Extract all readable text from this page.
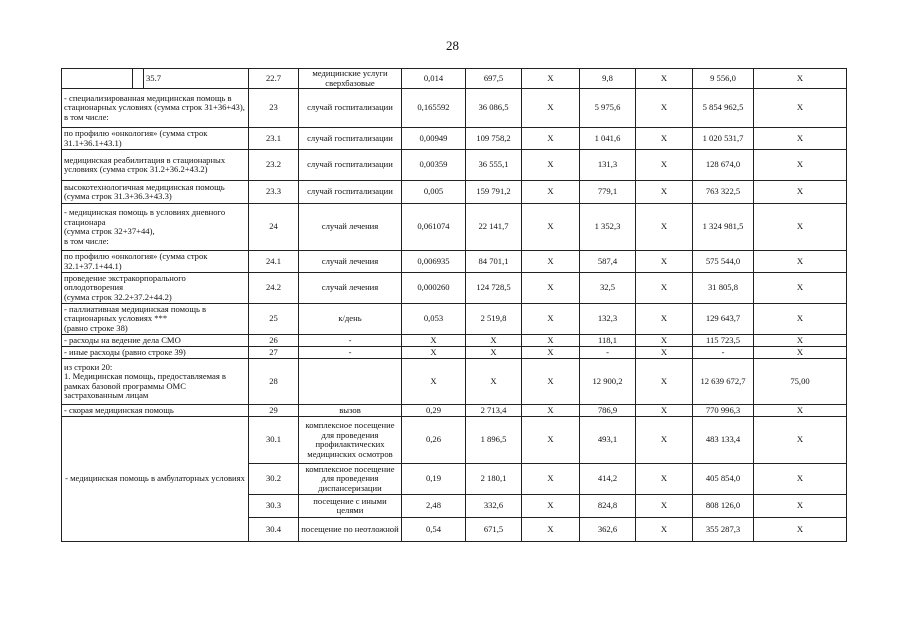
28
		35.7	22.7	медицинские услуги сверхбазовые	0,014	697,5	X	9,8	X	9 556,0	X
- специализированная медицинская помощь в стационарных условиях (сумма строк 31+36+43),
в том числе:			23	случай госпитализации	0,165592	36 086,5	X	5 975,6	X	5 854 962,5	X
по профилю «онкология» (сумма строк 31.1+36.1+43.1)			23.1	случай госпитализации	0,00949	109 758,2	X	1 041,6	X	1 020 531,7	X
медицинская реабилитация в стационарных условиях (сумма строк 31.2+36.2+43.2)			23.2	случай госпитализации	0,00359	36 555,1	X	131,3	X	128 674,0	X
высокотехнологичная медицинская помощь (сумма строк 31.3+36.3+43.3)			23.3	случай госпитализации	0,005	159 791,2	X	779,1	X	763 322,5	X
- медицинская помощь в условиях дневного стационара
(сумма строк 32+37+44),
в том числе:			24	случай лечения	0,061074	22 141,7	X	1 352,3	X	1 324 981,5	X
по профилю «онкология» (сумма строк 32.1+37.1+44.1)			24.1	случай лечения	0,006935	84 701,1	X	587,4	X	575 544,0	X
проведение экстракорпорального оплодотворения
(сумма строк 32.2+37.2+44.2)			24.2	случай лечения	0,000260	124 728,5	X	32,5	X	31 805,8	X
- паллиативная медицинская помощь в стационарных условиях ***
(равно строке 38)			25	к/день	0,053	2 519,8	X	132,3	X	129 643,7	X
- расходы на ведение дела СМО			26	-	X	X	X	118,1	X	115 723,5	X
- иные расходы (равно строке 39)			27	-	X	X	X	-	X	-	X
из строки 20:
1. Медицинская помощь, предоставляемая в рамках базовой программы ОМС застрахованным лицам			28		X	X	X	12 900,2	X	12 639 672,7	75,00
- скорая медицинская помощь			29	вызов	0,29	2 713,4	X	786,9	X	770 996,3	X
- медицинская помощь в амбулаторных условиях			30.1	комплексное посещение для проведения профилактических медицинских осмотров	0,26	1 896,5	X	493,1	X	483 133,4	X
			30.2	комплексное посещение для проведения диспансеризации	0,19	2 180,1	X	414,2	X	405 854,0	X
			30.3	посещение с иными целями	2,48	332,6	X	824,8	X	808 126,0	X
			30.4	посещение по неотложной	0,54	671,5	X	362,6	X	355 287,3	X
